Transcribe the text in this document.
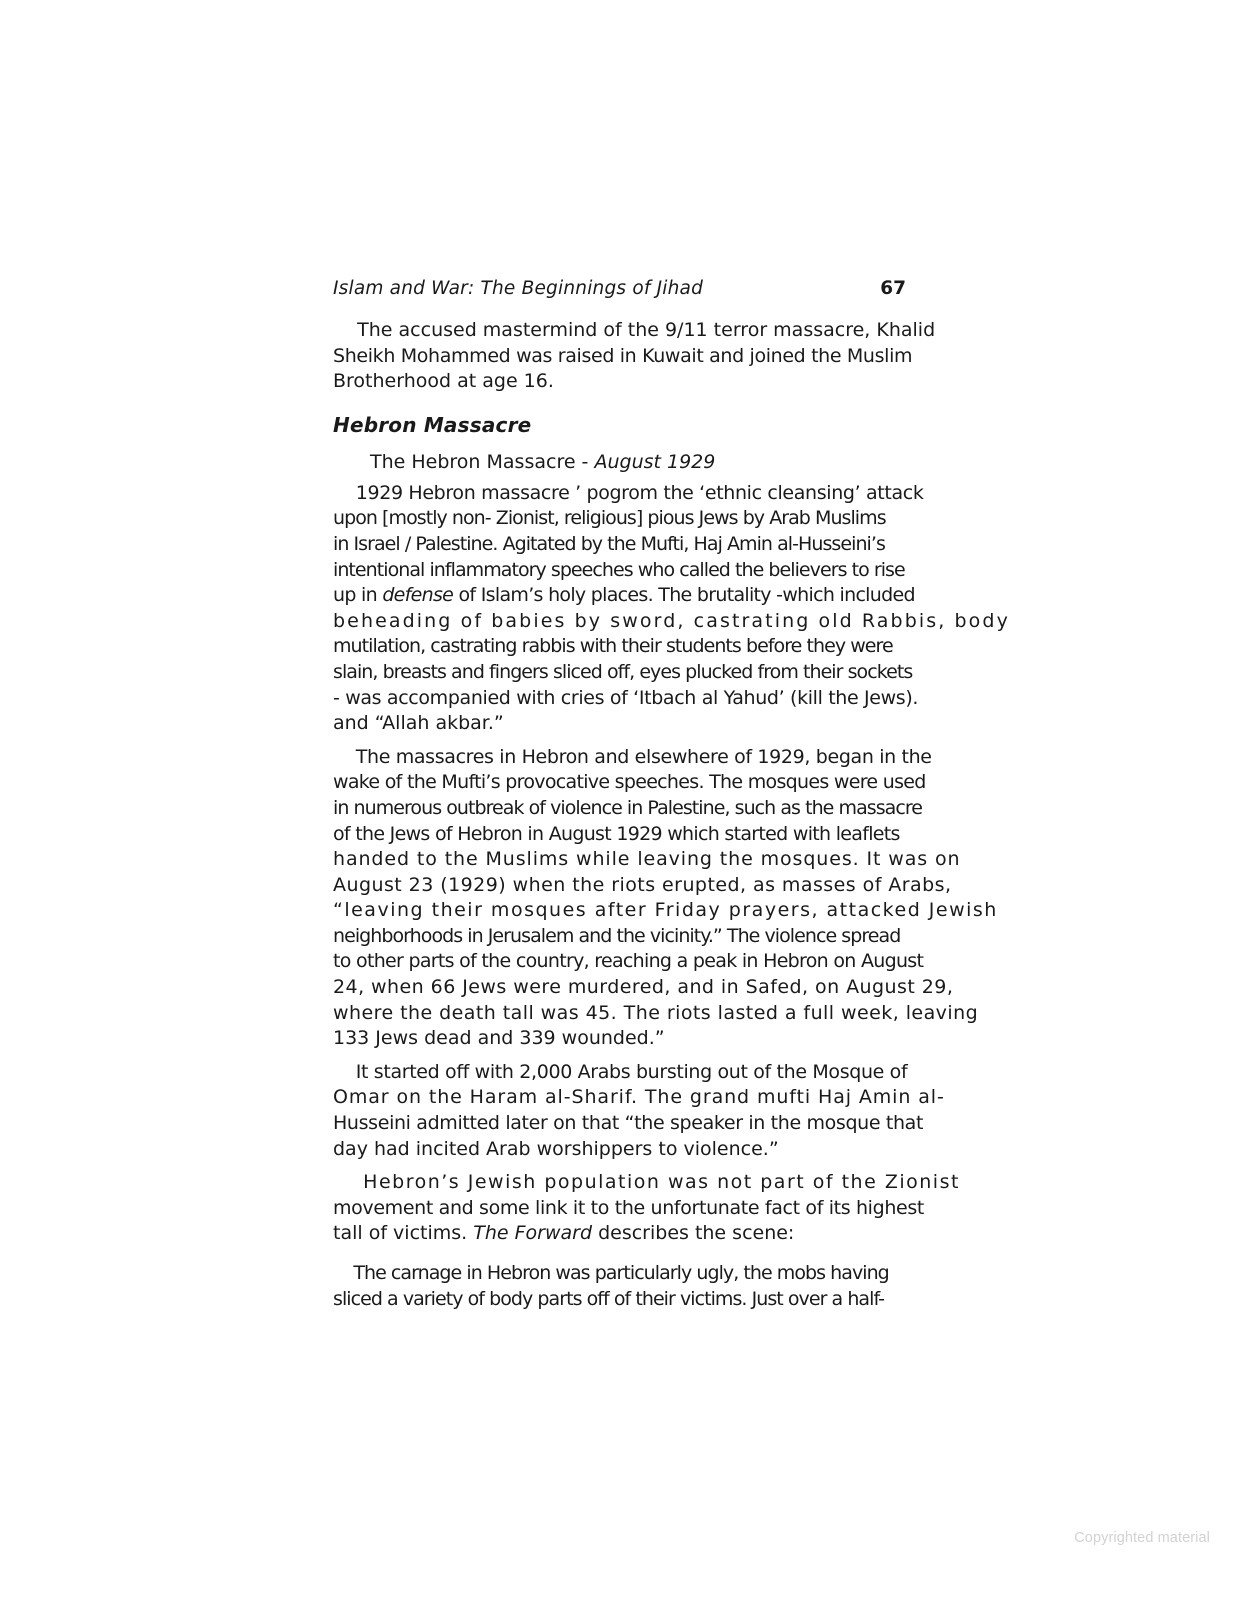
Islam and War: The Beginnings of Jihad	67

The accused mastermind of the 9/11 terror massacre, Khalid
Sheikh Mohammed was raised in Kuwait and joined the Muslim
Brotherhood at age 16.

Hebron Massacre

The Hebron Massacre - August 1929

1929 Hebron massacre ’ pogrom the ‘ethnic cleansing’ attack
upon [mostly non- Zionist, religious] pious Jews by Arab Muslims
in Israel / Palestine. Agitated by the Mufti, Haj Amin al-Husseini’s
intentional inflammatory speeches who called the believers to rise
up in defense of Islam’s holy places. The brutality -which included
beheading of babies by sword, castrating old Rabbis, body
mutilation, castrating rabbis with their students before they were
slain, breasts and fingers sliced off, eyes plucked from their sockets
- was accompanied with cries of ‘Itbach al Yahud’ (kill the Jews).
and “Allah akbar.”

The massacres in Hebron and elsewhere of 1929, began in the
wake of the Mufti’s provocative speeches. The mosques were used
in numerous outbreak of violence in Palestine, such as the massacre
of the Jews of Hebron in August 1929 which started with leaflets
handed to the Muslims while leaving the mosques. It was on
August 23 (1929) when the riots erupted, as masses of Arabs,
“leaving their mosques after Friday prayers, attacked Jewish
neighborhoods in Jerusalem and the vicinity.” The violence spread
to other parts of the country, reaching a peak in Hebron on August
24, when 66 Jews were murdered, and in Safed, on August 29,
where the death tall was 45. The riots lasted a full week, leaving
133 Jews dead and 339 wounded.”

It started off with 2,000 Arabs bursting out of the Mosque of
Omar on the Haram al-Sharif. The grand mufti Haj Amin al-
Husseini admitted later on that “the speaker in the mosque that
day had incited Arab worshippers to violence.”

Hebron’s Jewish population was not part of the Zionist
movement and some link it to the unfortunate fact of its highest
tall of victims. The Forward describes the scene:

The carnage in Hebron was particularly ugly, the mobs having
sliced a variety of body parts off of their victims. Just over a half-

Copyrighted material
